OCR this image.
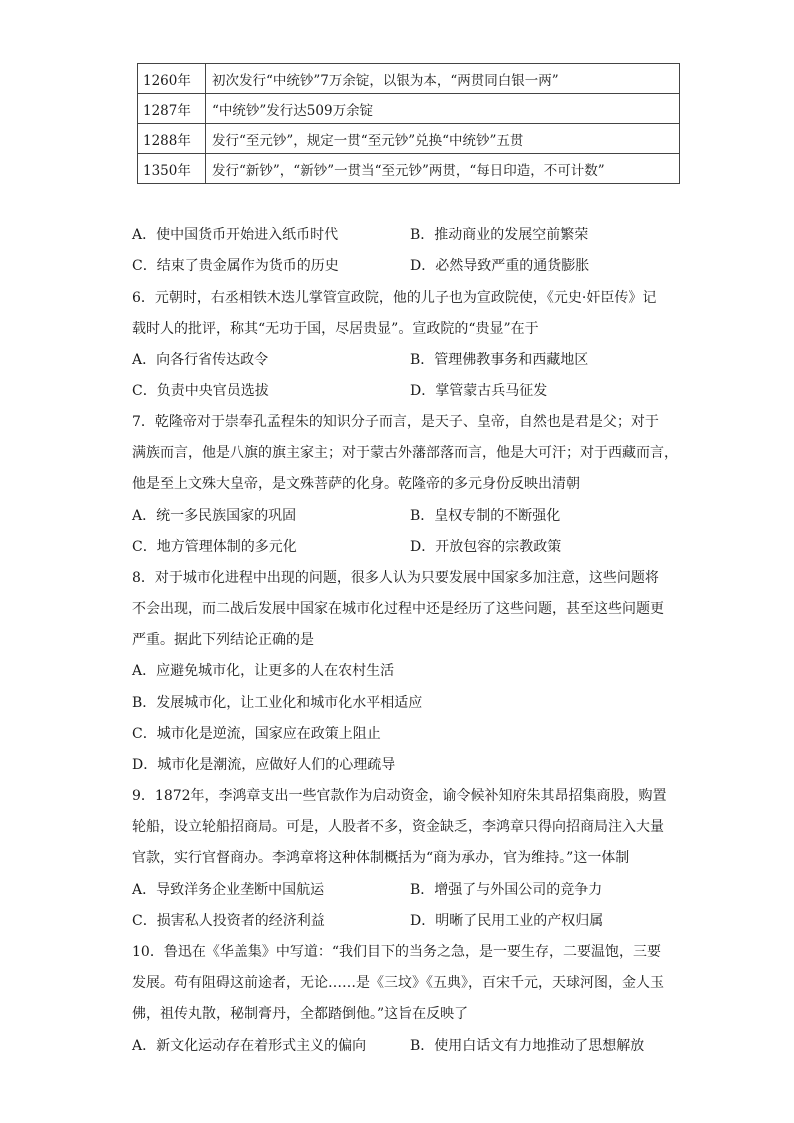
1260年	初次发行“中统钞”7万余锭，以银为本，“两贯同白银一两”
1287年	“中统钞”发行达509万余锭
1288年	发行“至元钞”，规定一贯“至元钞”兑换“中统钞”五贯
1350年	发行“新钞”，“新钞”一贯当“至元钞”两贯，“每日印造，不可计数”
A．使中国货币开始进入纸币时代	B．推动商业的发展空前繁荣
C．结束了贵金属作为货币的历史	D．必然导致严重的通货膨胀
6．元朝时，右丞相铁木迭儿掌管宣政院，他的儿子也为宣政院使，《元史·奸臣传》记
载时人的批评，称其“无功于国，尽居贵显”。宣政院的“贵显”在于
A．向各行省传达政令	B．管理佛教事务和西藏地区
C．负责中央官员选拔	D．掌管蒙古兵马征发
7．乾隆帝对于崇奉孔孟程朱的知识分子而言，是天子、皇帝，自然也是君是父；对于
满族而言，他是八旗的旗主家主；对于蒙古外藩部落而言，他是大可汗；对于西藏而言，
他是至上文殊大皇帝，是文殊菩萨的化身。乾隆帝的多元身份反映出清朝
A．统一多民族国家的巩固	B．皇权专制的不断强化
C．地方管理体制的多元化	D．开放包容的宗教政策
8．对于城市化进程中出现的问题，很多人认为只要发展中国家多加注意，这些问题将
不会出现，而二战后发展中国家在城市化过程中还是经历了这些问题，甚至这些问题更
严重。据此下列结论正确的是
A．应避免城市化，让更多的人在农村生活
B．发展城市化，让工业化和城市化水平相适应
C．城市化是逆流，国家应在政策上阻止
D．城市化是潮流，应做好人们的心理疏导
9．1872年，李鸿章支出一些官款作为启动资金，谕令候补知府朱其昂招集商股，购置
轮船，设立轮船招商局。可是，人股者不多，资金缺乏，李鸿章只得向招商局注入大量
官款，实行官督商办。李鸿章将这种体制概括为“商为承办，官为维持。”这一体制
A．导致洋务企业垄断中国航运	B．增强了与外国公司的竞争力
C．损害私人投资者的经济利益	D．明晰了民用工业的产权归属
10．鲁迅在《华盖集》中写道：“我们目下的当务之急，是一要生存，二要温饱，三要
发展。苟有阻碍这前途者，无论……是《三坟》《五典》，百宋千元，天球河图，金人玉
佛，祖传丸散，秘制膏丹，全都踏倒他。”这旨在反映了
A．新文化运动存在着形式主义的偏向	B．使用白话文有力地推动了思想解放
